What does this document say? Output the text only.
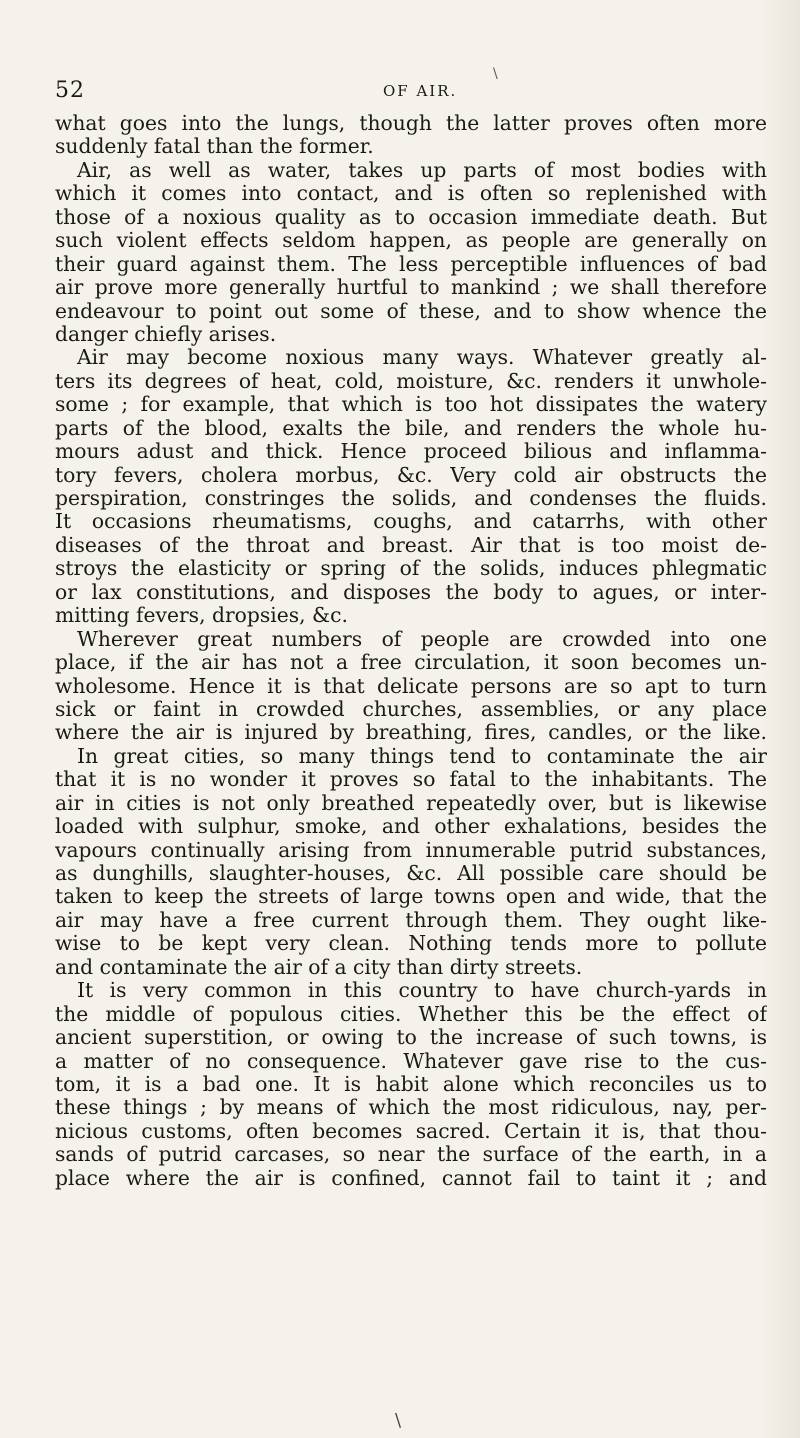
\
52	OF AIR.
what goes into the lungs, though the latter proves often more
suddenly fatal than the former.
Air, as well as water, takes up parts of most bodies with
which it comes into contact, and is often so replenished with
those of a noxious quality as to occasion immediate death. But
such violent effects seldom happen, as people are generally on
their guard against them. The less perceptible influences of bad
air prove more generally hurtful to mankind ; we shall therefore
endeavour to point out some of these, and to show whence the
danger chiefly arises.
Air may become noxious many ways. Whatever greatly al-
ters its degrees of heat, cold, moisture, &c. renders it unwhole-
some ; for example, that which is too hot dissipates the watery
parts of the blood, exalts the bile, and renders the whole hu-
mours adust and thick. Hence proceed bilious and inflamma-
tory fevers, cholera morbus, &c. Very cold air obstructs the
perspiration, constringes the solids, and condenses the fluids.
It occasions rheumatisms, coughs, and catarrhs, with other
diseases of the throat and breast. Air that is too moist de-
stroys the elasticity or spring of the solids, induces phlegmatic
or lax constitutions, and disposes the body to agues, or inter-
mitting fevers, dropsies, &c.
Wherever great numbers of people are crowded into one
place, if the air has not a free circulation, it soon becomes un-
wholesome. Hence it is that delicate persons are so apt to turn
sick or faint in crowded churches, assemblies, or any place
where the air is injured by breathing, fires, candles, or the like.
In great cities, so many things tend to contaminate the air
that it is no wonder it proves so fatal to the inhabitants. The
air in cities is not only breathed repeatedly over, but is likewise
loaded with sulphur, smoke, and other exhalations, besides the
vapours continually arising from innumerable putrid substances,
as dunghills, slaughter-houses, &c. All possible care should be
taken to keep the streets of large towns open and wide, that the
air may have a free current through them. They ought like-
wise to be kept very clean. Nothing tends more to pollute
and contaminate the air of a city than dirty streets.
It is very common in this country to have church-yards in
the middle of populous cities. Whether this be the effect of
ancient superstition, or owing to the increase of such towns, is
a matter of no consequence. Whatever gave rise to the cus-
tom, it is a bad one. It is habit alone which reconciles us to
these things ; by means of which the most ridiculous, nay, per-
nicious customs, often becomes sacred. Certain it is, that thou-
sands of putrid carcases, so near the surface of the earth, in a
place where the air is confined, cannot fail to taint it ; and
\
